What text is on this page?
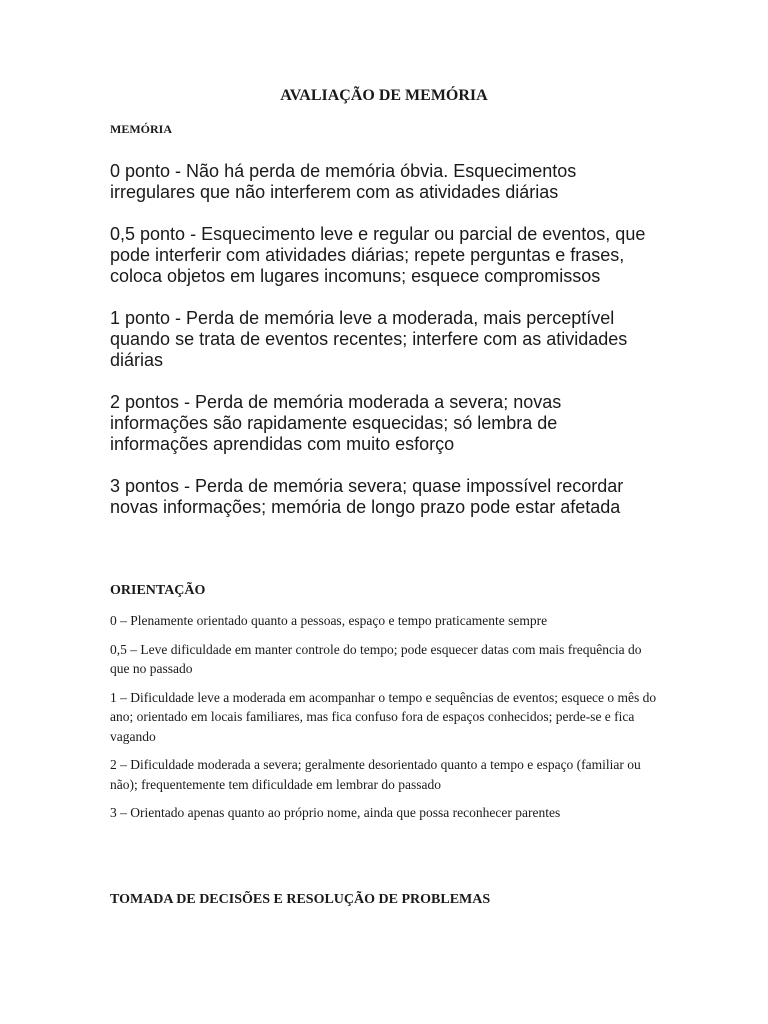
AVALIAÇÃO DE MEMÓRIA
MEMÓRIA
0 ponto - Não há perda de memória óbvia. Esquecimentos irregulares que não interferem com as atividades diárias
0,5 ponto - Esquecimento leve e regular ou parcial de eventos, que pode interferir com atividades diárias; repete perguntas e frases, coloca objetos em lugares incomuns; esquece compromissos
1 ponto - Perda de memória leve a moderada, mais perceptível quando se trata de eventos recentes; interfere com as atividades diárias
2 pontos - Perda de memória moderada a severa; novas informações são rapidamente esquecidas; só lembra de informações aprendidas com muito esforço
3 pontos - Perda de memória severa; quase impossível recordar novas informações; memória de longo prazo pode estar afetada
ORIENTAÇÃO
0 – Plenamente orientado quanto a pessoas, espaço e tempo praticamente sempre
0,5 – Leve dificuldade em manter controle do tempo; pode esquecer datas com mais frequência do que no passado
1 – Dificuldade leve a moderada em acompanhar o tempo e sequências de eventos; esquece o mês do ano; orientado em locais familiares, mas fica confuso fora de espaços conhecidos; perde-se e fica vagando
2 – Dificuldade moderada a severa; geralmente desorientado quanto a tempo e espaço (familiar ou não); frequentemente tem dificuldade em lembrar do passado
3 – Orientado apenas quanto ao próprio nome, ainda que possa reconhecer parentes
TOMADA DE DECISÕES E RESOLUÇÃO DE PROBLEMAS
